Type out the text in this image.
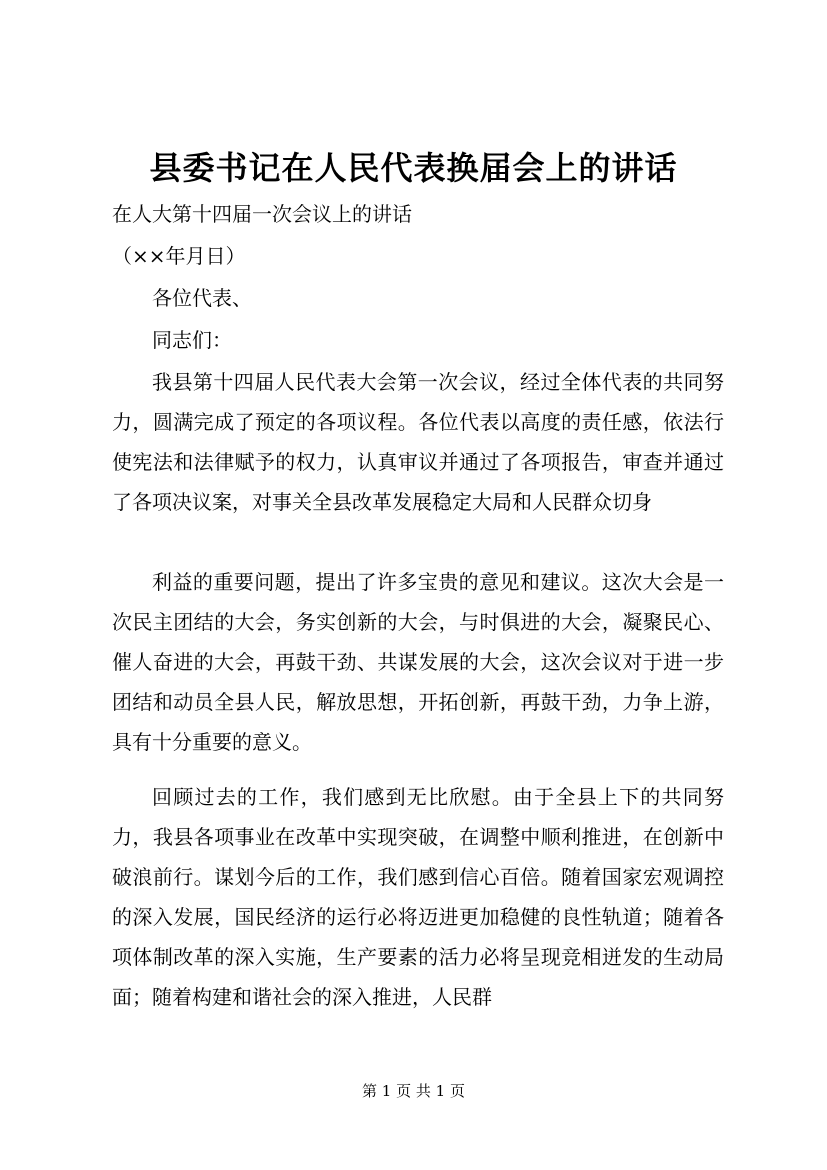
县委书记在人民代表换届会上的讲话
在人大第十四届一次会议上的讲话
（××年月日）
各位代表、
同志们：

我县第十四届人民代表大会第一次会议，经过全体代表的共同努力，圆满完成了预定的各项议程。各位代表以高度的责任感，依法行使宪法和法律赋予的权力，认真审议并通过了各项报告，审查并通过了各项决议案，对事关全县改革发展稳定大局和人民群众切身

利益的重要问题，提出了许多宝贵的意见和建议。这次大会是一次民主团结的大会，务实创新的大会，与时俱进的大会，凝聚民心、催人奋进的大会，再鼓干劲、共谋发展的大会，这次会议对于进一步团结和动员全县人民，解放思想，开拓创新，再鼓干劲，力争上游，具有十分重要的意义。

回顾过去的工作，我们感到无比欣慰。由于全县上下的共同努力，我县各项事业在改革中实现突破，在调整中顺利推进，在创新中破浪前行。谋划今后的工作，我们感到信心百倍。随着国家宏观调控的深入发展，国民经济的运行必将迈进更加稳健的良性轨道；随着各项体制改革的深入实施，生产要素的活力必将呈现竞相迸发的生动局面；随着构建和谐社会的深入推进，人民群

第 1 页 共 1 页
